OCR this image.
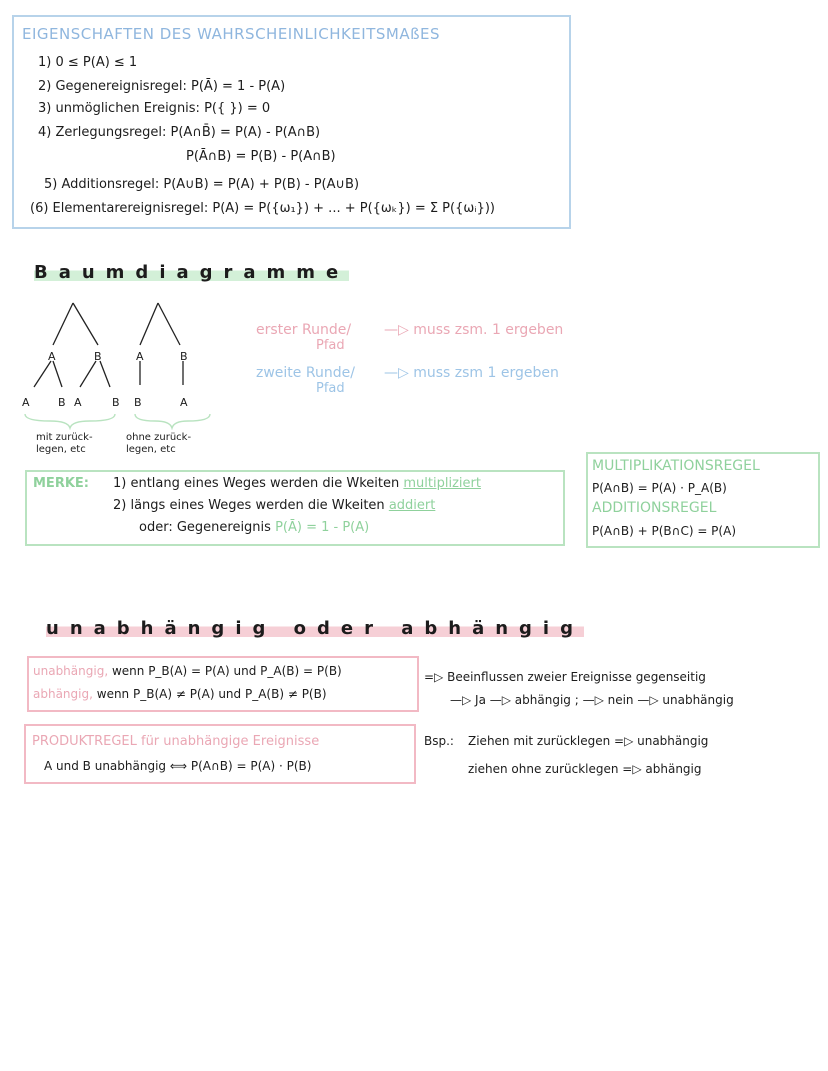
EIGENSCHAFTEN DES WAHRSCHEINLICHKEITSMAßES
1) 0 ≤ P(A) ≤ 1
2) Gegenereignisregel: P(Ā) = 1 - P(A)
3) unmöglichen Ereignis: P({ }) = 0
4) Zerlegungsregel: P(A∩B̄) = P(A) - P(A∩B)
P(Ā∩B) = P(B) - P(A∩B)
5) Additionsregel: P(A∪B) = P(A) + P(B) - P(A∪B)
(6) Elementarereignisregel: P(A) = P({ω₁}) + ... + P({ωₖ}) = Σ P({ωᵢ}))
Baumdiagramme
A	B	A	B
A	B A	B B	A
mit zurück-
legen, etc
ohne zurück-
legen, etc
erster Runde/
Pfad
—▷ muss zsm. 1 ergeben
zweite Runde/
Pfad
—▷ muss zsm 1 ergeben
MERKE: 1) entlang eines Weges werden die Wkeiten multipliziert
2) längs eines Weges werden die Wkeiten addiert
oder: Gegenereignis P(Ā) = 1 - P(A)
MULTIPLIKATIONSREGEL
P(A∩B) = P(A) · P_A(B)
ADDITIONSREGEL
P(A∩B) + P(B∩C) = P(A)
unabhängig oder abhängig
unabhängig, wenn P_B(A) = P(A) und P_A(B) = P(B)
abhängig, wenn P_B(A) ≠ P(A) und P_A(B) ≠ P(B)
=▷ Beeinflussen zweier Ereignisse gegenseitig
—▷ Ja —▷ abhängig ; —▷ nein —▷ unabhängig
PRODUKTREGEL für unabhängige Ereignisse
A und B unabhängig ⟺ P(A∩B) = P(A) · P(B)
Bsp.: Ziehen mit zurücklegen =▷ unabhängig
ziehen ohne zurücklegen =▷ abhängig
